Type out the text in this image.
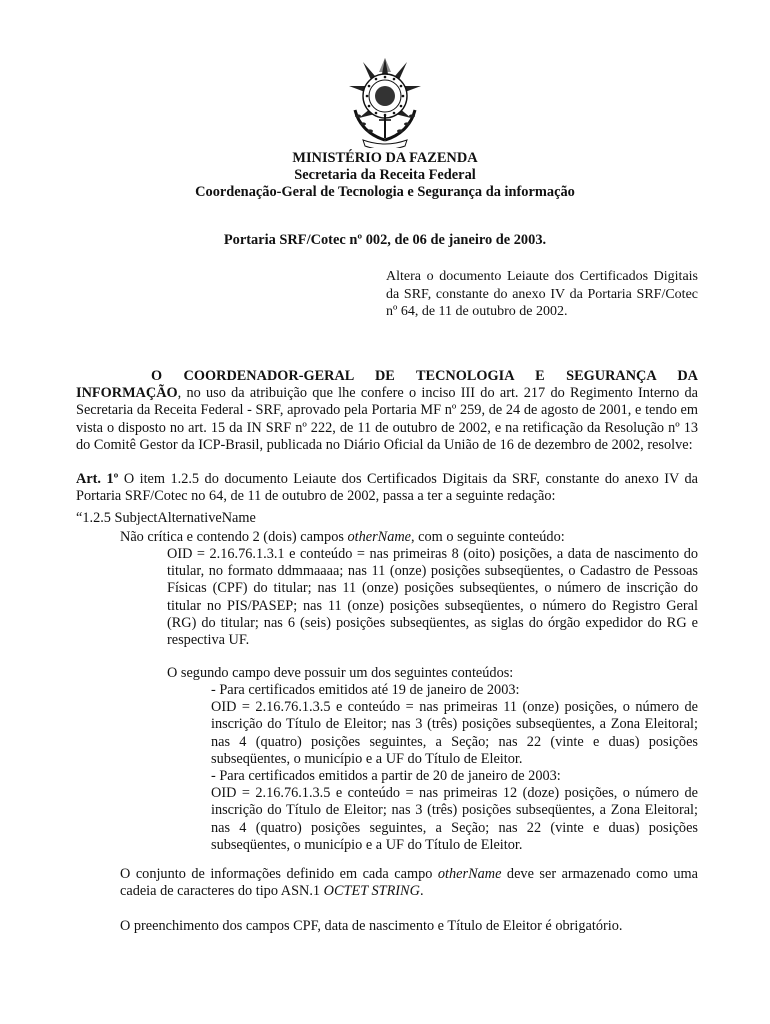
MINISTÉRIO DA FAZENDA
Secretaria da Receita Federal
Coordenação-Geral de Tecnologia e Segurança da informação
Portaria SRF/Cotec nº 002, de 06 de janeiro de 2003.
Altera o documento Leiaute dos Certificados Digitais da SRF, constante do anexo IV da Portaria SRF/Cotec nº 64, de 11 de outubro de 2002.
O COORDENADOR-GERAL DE TECNOLOGIA E SEGURANÇA DA INFORMAÇÃO, no uso da atribuição que lhe confere o inciso III do art. 217 do Regimento Interno da Secretaria da Receita Federal - SRF, aprovado pela Portaria MF nº 259, de 24 de agosto de 2001, e tendo em vista o disposto no art. 15 da IN SRF nº 222, de 11 de outubro de 2002, e na retificação da Resolução nº 13 do Comitê Gestor da ICP-Brasil, publicada no Diário Oficial da União de 16 de dezembro de 2002, resolve:
Art. 1º O item 1.2.5 do documento Leiaute dos Certificados Digitais da SRF, constante do anexo IV da Portaria SRF/Cotec no 64, de 11 de outubro de 2002, passa a ter a seguinte redação:
“1.2.5 SubjectAlternativeName
Não crítica e contendo 2 (dois) campos otherName, com o seguinte conteúdo:
OID = 2.16.76.1.3.1 e conteúdo = nas primeiras 8 (oito) posições, a data de nascimento do titular, no formato ddmmaaaa; nas 11 (onze) posições subseqüentes, o Cadastro de Pessoas Físicas (CPF) do titular; nas 11 (onze) posições subseqüentes, o número de inscrição do titular no PIS/PASEP; nas 11 (onze) posições subseqüentes, o número do Registro Geral (RG) do titular; nas 6 (seis) posições subseqüentes, as siglas do órgão expedidor do RG e respectiva UF.
O segundo campo deve possuir um dos seguintes conteúdos:

- Para certificados emitidos até 19 de janeiro de 2003:

OID = 2.16.76.1.3.5 e conteúdo = nas primeiras 11 (onze) posições, o número de inscrição do Título de Eleitor; nas 3 (três) posições subseqüentes, a Zona Eleitoral; nas 4 (quatro) posições seguintes, a Seção; nas 22 (vinte e duas) posições subseqüentes, o município e a UF do Título de Eleitor.

- Para certificados emitidos a partir de 20 de janeiro de 2003:

OID = 2.16.76.1.3.5 e conteúdo = nas primeiras 12 (doze) posições, o número de inscrição do Título de Eleitor; nas 3 (três) posições subseqüentes, a Zona Eleitoral; nas 4 (quatro) posições seguintes, a Seção; nas 22 (vinte e duas) posições subseqüentes, o município e a UF do Título de Eleitor.

O conjunto de informações definido em cada campo otherName deve ser armazenado como uma cadeia de caracteres do tipo ASN.1 OCTET STRING.
O preenchimento dos campos CPF, data de nascimento e Título de Eleitor é obrigatório.
